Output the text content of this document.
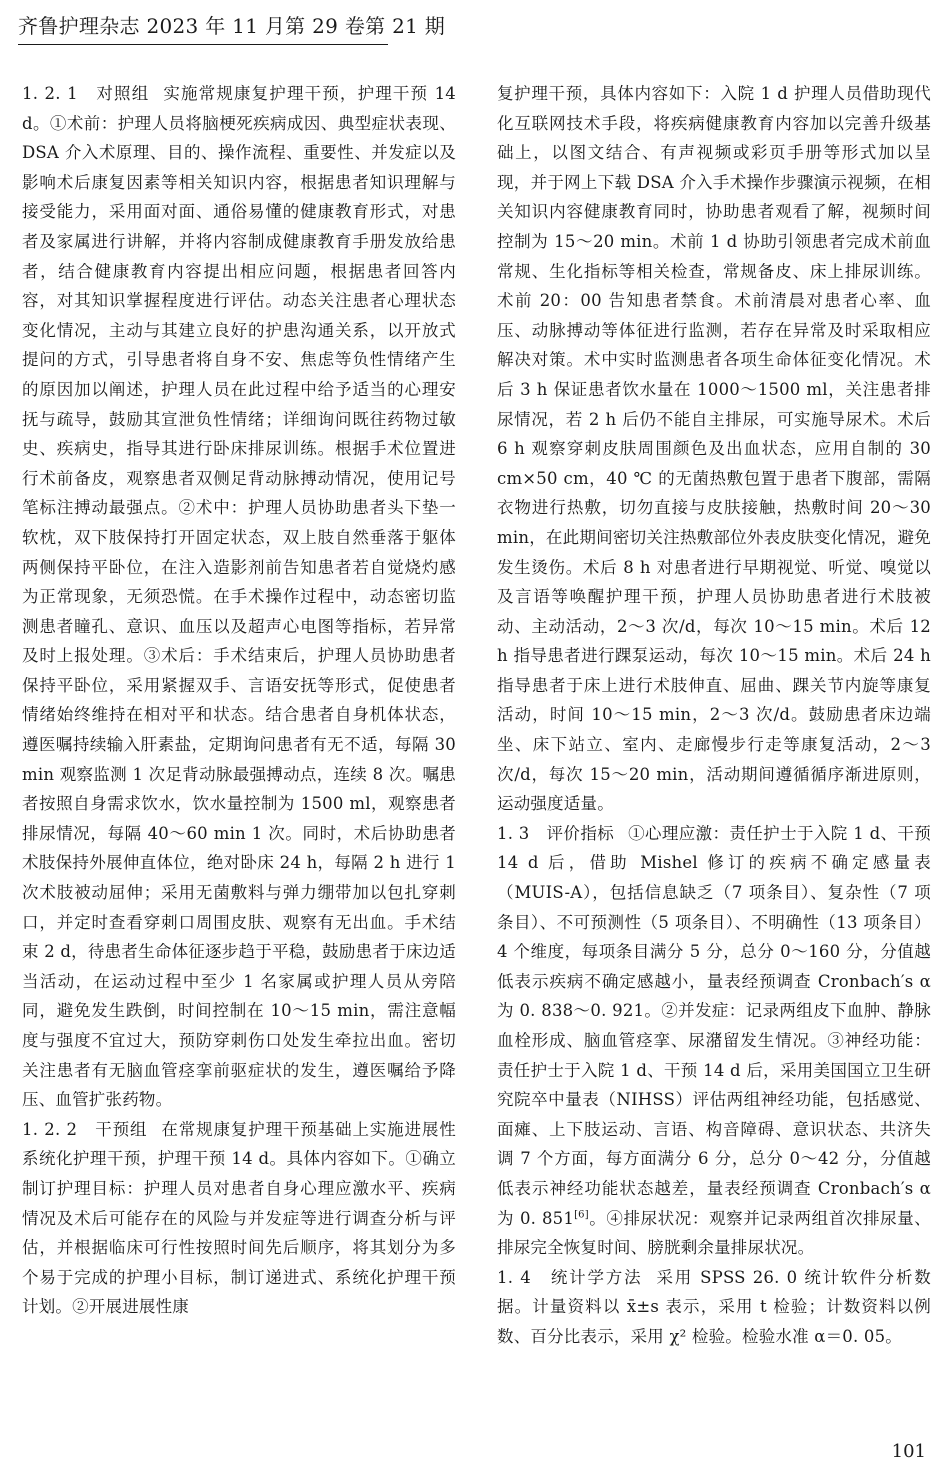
齐鲁护理杂志 2023 年 11 月第 29 卷第 21 期

1. 2. 1　对照组 实施常规康复护理干预，护理干预 14 d。①术前：护理人员将脑梗死疾病成因、典型症状表现、DSA 介入术原理、目的、操作流程、重要性、并发症以及影响术后康复因素等相关知识内容，根据患者知识理解与接受能力，采用面对面、通俗易懂的健康教育形式，对患者及家属进行讲解，并将内容制成健康教育手册发放给患者，结合健康教育内容提出相应问题，根据患者回答内容，对其知识掌握程度进行评估。动态关注患者心理状态变化情况，主动与其建立良好的护患沟通关系，以开放式提问的方式，引导患者将自身不安、焦虑等负性情绪产生的原因加以阐述，护理人员在此过程中给予适当的心理安抚与疏导，鼓励其宣泄负性情绪；详细询问既往药物过敏史、疾病史，指导其进行卧床排尿训练。根据手术位置进行术前备皮，观察患者双侧足背动脉搏动情况，使用记号笔标注搏动最强点。②术中：护理人员协助患者头下垫一软枕，双下肢保持打开固定状态，双上肢自然垂落于躯体两侧保持平卧位，在注入造影剂前告知患者若自觉烧灼感为正常现象，无须恐慌。在手术操作过程中，动态密切监测患者瞳孔、意识、血压以及超声心电图等指标，若异常及时上报处理。③术后：手术结束后，护理人员协助患者保持平卧位，采用紧握双手、言语安抚等形式，促使患者情绪始终维持在相对平和状态。结合患者自身机体状态，遵医嘱持续输入肝素盐，定期询问患者有无不适，每隔 30 min 观察监测 1 次足背动脉最强搏动点，连续 8 次。嘱患者按照自身需求饮水，饮水量控制为 1500 ml，观察患者排尿情况，每隔 40～60 min 1 次。同时，术后协助患者术肢保持外展伸直体位，绝对卧床 24 h，每隔 2 h 进行 1 次术肢被动屈伸；采用无菌敷料与弹力绷带加以包扎穿刺口，并定时查看穿刺口周围皮肤、观察有无出血。手术结束 2 d，待患者生命体征逐步趋于平稳，鼓励患者于床边适当活动，在运动过程中至少 1 名家属或护理人员从旁陪同，避免发生跌倒，时间控制在 10～15 min，需注意幅度与强度不宜过大，预防穿刺伤口处发生牵拉出血。密切关注患者有无脑血管痉挛前驱症状的发生，遵医嘱给予降压、血管扩张药物。

1. 2. 2　干预组 在常规康复护理干预基础上实施进展性系统化护理干预，护理干预 14 d。具体内容如下。①确立制订护理目标：护理人员对患者自身心理应激水平、疾病情况及术后可能存在的风险与并发症等进行调查分析与评估，并根据临床可行性按照时间先后顺序，将其划分为多个易于完成的护理小目标，制订递进式、系统化护理干预计划。②开展进展性康

复护理干预，具体内容如下：入院 1 d 护理人员借助现代化互联网技术手段，将疾病健康教育内容加以完善升级基础上，以图文结合、有声视频或彩页手册等形式加以呈现，并于网上下载 DSA 介入手术操作步骤演示视频，在相关知识内容健康教育同时，协助患者观看了解，视频时间控制为 15～20 min。术前 1 d 协助引领患者完成术前血常规、生化指标等相关检查，常规备皮、床上排尿训练。术前 20：00 告知患者禁食。术前清晨对患者心率、血压、动脉搏动等体征进行监测，若存在异常及时采取相应解决对策。术中实时监测患者各项生命体征变化情况。术后 3 h 保证患者饮水量在 1000～1500 ml，关注患者排尿情况，若 2 h 后仍不能自主排尿，可实施导尿术。术后 6 h 观察穿刺皮肤周围颜色及出血状态，应用自制的 30 cm×50 cm，40 ℃ 的无菌热敷包置于患者下腹部，需隔衣物进行热敷，切勿直接与皮肤接触，热敷时间 20～30 min，在此期间密切关注热敷部位外表皮肤变化情况，避免发生烫伤。术后 8 h 对患者进行早期视觉、听觉、嗅觉以及言语等唤醒护理干预，护理人员协助患者进行术肢被动、主动活动，2～3 次/d，每次 10～15 min。术后 12 h 指导患者进行踝泵运动，每次 10～15 min。术后 24 h 指导患者于床上进行术肢伸直、屈曲、踝关节内旋等康复活动，时间 10～15 min，2～3 次/d。鼓励患者床边端坐、床下站立、室内、走廊慢步行走等康复活动，2～3 次/d，每次 15～20 min，活动期间遵循循序渐进原则，运动强度适量。

1. 3　评价指标 ①心理应激：责任护士于入院 1 d、干预 14 d 后，借助 Mishel 修订的疾病不确定感量表（MUIS-A），包括信息缺乏（7 项条目）、复杂性（7 项条目）、不可预测性（5 项条目）、不明确性（13 项条目）4 个维度，每项条目满分 5 分，总分 0～160 分，分值越低表示疾病不确定感越小，量表经预调查 Cronbach′s α 为 0. 838～0. 921。②并发症：记录两组皮下血肿、静脉血栓形成、脑血管痉挛、尿潴留发生情况。③神经功能：责任护士于入院 1 d、干预 14 d 后，采用美国国立卫生研究院卒中量表（NIHSS）评估两组神经功能，包括感觉、面瘫、上下肢运动、言语、构音障碍、意识状态、共济失调 7 个方面，每方面满分 6 分，总分 0～42 分，分值越低表示神经功能状态越差，量表经预调查 Cronbach′s α 为 0. 851[6]。④排尿状况：观察并记录两组首次排尿量、排尿完全恢复时间、膀胱剩余量排尿状况。

1. 4　统计学方法 采用 SPSS 26. 0 统计软件分析数据。计量资料以 x̄±s 表示，采用 t 检验；计数资料以例数、百分比表示，采用 χ² 检验。检验水准 α＝0. 05。

101
